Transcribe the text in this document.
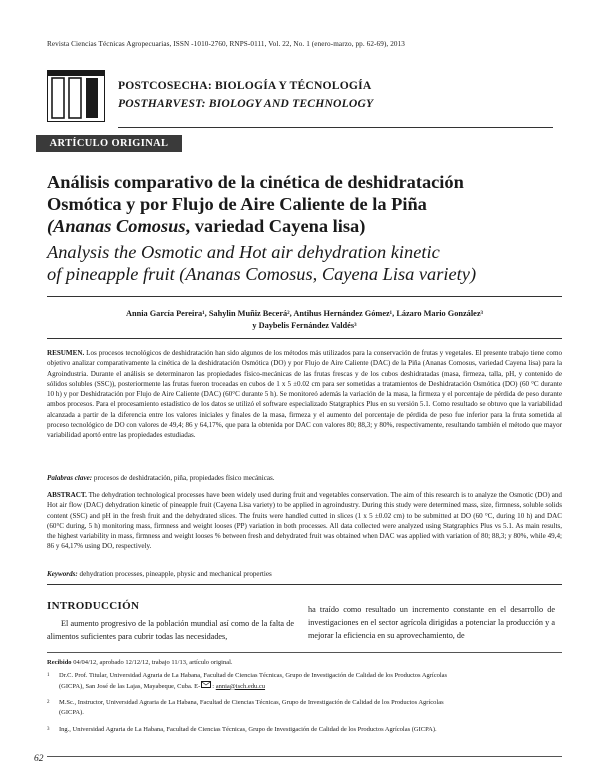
Revista Ciencias Técnicas Agropecuarias, ISSN -1010-2760, RNPS-0111, Vol. 22, No. 1 (enero-marzo, pp. 62-69), 2013
POSTCOSECHA: BIOLOGÍA Y TÉCNOLOGÍA
POSTHARVEST: BIOLOGY AND TECHNOLOGY
ARTÍCULO ORIGINAL
Análisis comparativo de la cinética de deshidratación
Osmótica y por Flujo de Aire Caliente de la Piña
(Ananas Comosus, variedad Cayena lisa)
Analysis the Osmotic and Hot air dehydration kinetic
of pineapple fruit (Ananas Comosus, Cayena Lisa variety)
Annia García Pereira¹, Sahylin Muñiz Becerá², Antihus Hernández Gómez¹, Lázaro Mario González³
y Daybelis Fernández Valdés³
RESUMEN. Los procesos tecnológicos de deshidratación han sido algunos de los métodos más utilizados para la conservación de frutas y vegetales. El presente trabajo tiene como objetivo analizar comparativamente la cinética de la deshidratación Osmótica (DO) y por Flujo de Aire Caliente (DAC) de la Piña (Ananas Comosus, variedad Cayena lisa) para la Agroindustria. Durante el análisis se determinaron las propiedades físico-mecánicas de las frutas frescas y de los cubos deshidratadas (masa, firmeza, talla, pH, y contenido de sólidos solubles (SSC)), posteriormente las frutas fueron troceadas en cubos de 1 x 5 ±0.02 cm para ser sometidas a tratamientos de Deshidratación Osmótica (DO) (60 °C durante 10 h) y por Deshidratación por Flujo de Aire Caliente (DAC) (60°C durante 5 h). Se monitoreó además la variación de la masa, la firmeza y el porcentaje de pérdida de peso durante ambos procesos. Para el procesamiento estadístico de los datos se utilizó el software especializado Statgraphics Plus en su versión 5.1. Como resultado se obtuvo que la variabilidad alcanzada a partir de la diferencia entre los valores iniciales y finales de la masa, firmeza y el aumento del porcentaje de pérdida de peso fue inferior para la fruta sometida al proceso tecnológico de DO con valores de 49,4; 86 y 64,17%, que para la obtenida por DAC con valores 80; 88,3; y 80%, respectivamente, resultando también el método que mayor variabilidad aportó entre las propiedades estudiadas.
Palabras clave: procesos de deshidratación, piña, propiedades físico mecánicas.
ABSTRACT. The dehydration technological processes have been widely used during fruit and vegetables conservation. The aim of this research is to analyze the Osmotic (DO) and Hot air flow (DAC) dehydration kinetic of pineapple fruit (Cayena Lisa variety) to be applied in agroindustry. During this study were determined mass, size, firmness, soluble solids content (SSC) and pH in the fresh fruit and the dehydrated slices. The fruits were handled cutted in slices (1 x 5 ±0.02 cm) to be submitted at DO (60 °C, during 10 h) and DAC (60°C during, 5 h) monitoring mass, firmness and weight looses (PP) variation in both processes. All data collected were analyzed using Statgraphics Plus vs 5.1. As main results, the highest variability in mass, firmness and weight looses % between fresh and dehydrated fruit was obtained when DAC was applied with variation of 80; 88,3; y 80%, while 49,4; 86 y 64,17% using DO, respectively.
Keywords: dehydration processes, pineapple, physic and mechanical properties
INTRODUCCIÓN
El aumento progresivo de la población mundial así como de la falta de alimentos suficientes para cubrir todas las necesidades,
ha traído como resultado un incremento constante en el desarrollo de investigaciones en el sector agrícola dirigidas a potenciar la producción y a mejorar la eficiencia en su aprovechamiento, de
Recibido 04/04/12, aprobado 12/12/12, trabajo 11/13, artículo original.
1 Dr.C. Prof. Titular, Universidad Agraria de La Habana, Facultad de Ciencias Técnicas, Grupo de Investigación de Calidad de los Productos Agrícolas
(GICPA), San José de las Lajas, Mayabeque, Cuba. E- : annia@isch.edu.cu
2 M.Sc., Instructor, Universidad Agraria de La Habana, Facultad de Ciencias Técnicas, Grupo de Investigación de Calidad de los Productos Agrícolas
(GICPA).
3 Ing., Universidad Agraria de La Habana, Facultad de Ciencias Técnicas, Grupo de Investigación de Calidad de los Productos Agrícolas (GICPA).
62
